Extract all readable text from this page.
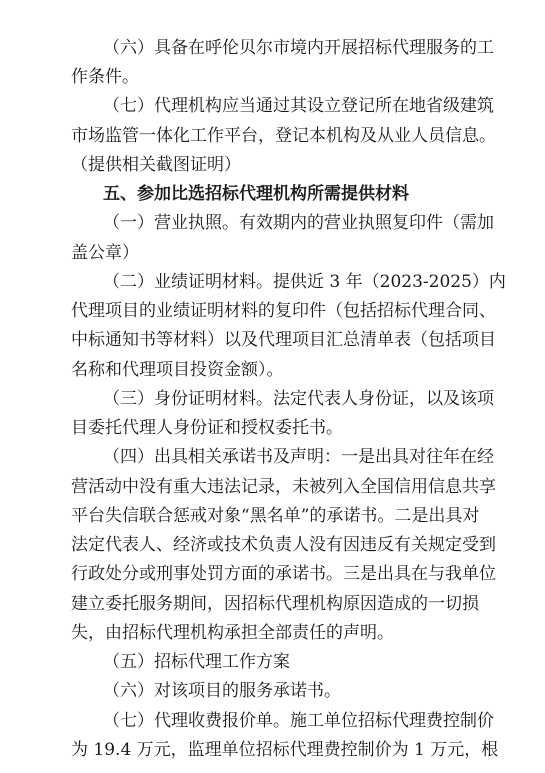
（六）具备在呼伦贝尔市境内开展招标代理服务的工
作条件。
（七）代理机构应当通过其设立登记所在地省级建筑
市场监管一体化工作平台，登记本机构及从业人员信息。
（提供相关截图证明）
五、参加比选招标代理机构所需提供材料
（一）营业执照。有效期内的营业执照复印件（需加
盖公章）
（二）业绩证明材料。提供近 3 年（2023-2025）内
代理项目的业绩证明材料的复印件（包括招标代理合同、
中标通知书等材料）以及代理项目汇总清单表（包括项目
名称和代理项目投资金额）。
（三）身份证明材料。法定代表人身份证，以及该项
目委托代理人身份证和授权委托书。
（四）出具相关承诺书及声明：一是出具对往年在经
营活动中没有重大违法记录，未被列入全国信用信息共享
平台失信联合惩戒对象“黑名单”的承诺书。二是出具对
法定代表人、经济或技术负责人没有因违反有关规定受到
行政处分或刑事处罚方面的承诺书。三是出具在与我单位
建立委托服务期间，因招标代理机构原因造成的一切损
失，由招标代理机构承担全部责任的声明。
（五）招标代理工作方案
（六）对该项目的服务承诺书。
（七）代理收费报价单。施工单位招标代理费控制价
为 19.4 万元，监理单位招标代理费控制价为 1 万元，根
